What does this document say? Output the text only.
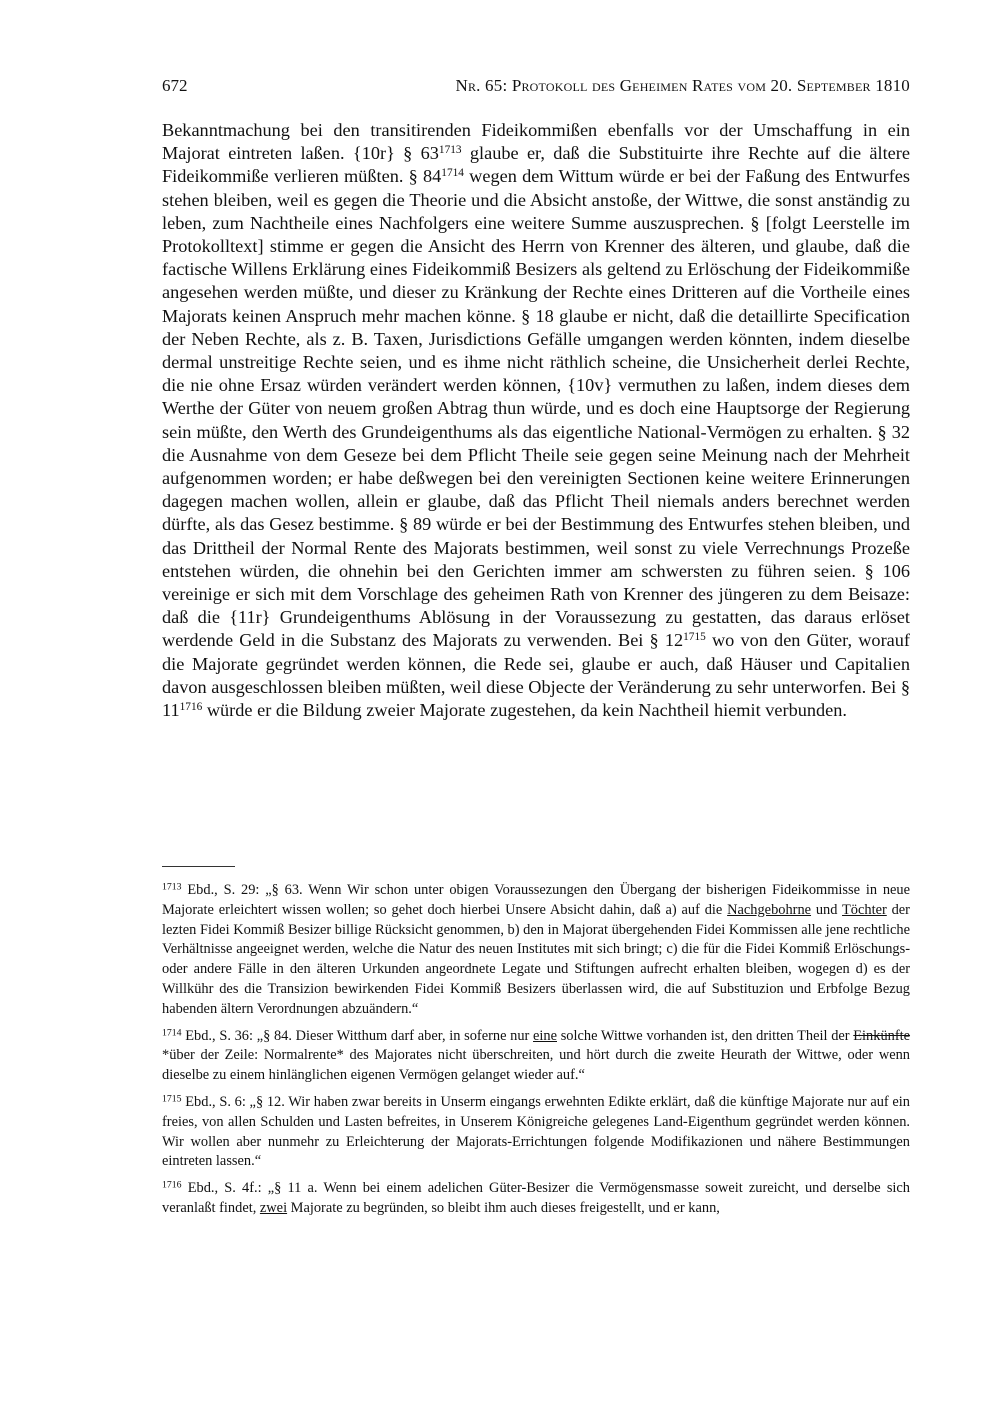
672	Nr. 65: Protokoll des Geheimen Rates vom 20. September 1810

Bekanntmachung bei den transitirenden Fideikommißen ebenfalls vor der Umschaffung in ein Majorat eintreten laßen. {10r} § $63^{1713}$ glaube er, daß die Substituirte ihre Rechte auf die ältere Fideikommiße verlieren müßten. § $84^{1714}$ wegen dem Wittum würde er bei der Faßung des Entwurfes stehen bleiben, weil es gegen die Theorie und die Absicht anstoße, der Wittwe, die sonst anständig zu leben, zum Nachtheile eines Nachfolgers eine weitere Summe auszusprechen. § [folgt Leerstelle im Protokolltext] stimme er gegen die Ansicht des Herrn von Krenner des älteren, und glaube, daß die factische Willens Erklärung eines Fideikommiß Besizers als geltend zu Erlöschung der Fideikommiße angesehen werden müßte, und dieser zu Kränkung der Rechte eines Dritteren auf die Vortheile eines Majorats keinen Anspruch mehr machen könne. § 18 glaube er nicht, daß die detaillirte Specification der Neben Rechte, als z. B. Taxen, Jurisdictions Gefälle umgangen werden könnten, indem dieselbe dermal unstreitige Rechte seien, und es ihme nicht räthlich scheine, die Unsicherheit derlei Rechte, die nie ohne Ersaz würden verändert werden können, {10v} vermuthen zu laßen, indem dieses dem Werthe der Güter von neuem großen Abtrag thun würde, und es doch eine Hauptsorge der Regierung sein müßte, den Werth des Grundeigenthums als das eigentliche National-Vermögen zu erhalten. § 32 die Ausnahme von dem Geseze bei dem Pflicht Theile seie gegen seine Meinung nach der Mehrheit aufgenommen worden; er habe deßwegen bei den vereinigten Sectionen keine weitere Erinnerungen dagegen machen wollen, allein er glaube, daß das Pflicht Theil niemals anders berechnet werden dürfte, als das Gesez bestimme. § 89 würde er bei der Bestimmung des Entwurfes stehen bleiben, und das Drittheil der Normal Rente des Majorats bestimmen, weil sonst zu viele Verrechnungs Prozeße entstehen würden, die ohnehin bei den Gerichten immer am schwersten zu führen seien. § 106 vereinige er sich mit dem Vorschlage des geheimen Rath von Krenner des jüngeren zu dem Beisaze: daß die {11r} Grundeigenthums Ablösung in der Voraussezung zu gestatten, das daraus erlöset werdende Geld in die Substanz des Majorats zu verwenden. Bei § $12^{1715}$ wo von den Güter, worauf die Majorate gegründet werden können, die Rede sei, glaube er auch, daß Häuser und Capitalien davon ausgeschlossen bleiben müßten, weil diese Objecte der Veränderung zu sehr unterworfen. Bei § $11^{1716}$ würde er die Bildung zweier Majorate zugestehen, da kein Nachtheil hiemit verbunden.

$^{1713}$ Ebd., S. 29: „§ 63. Wenn Wir schon unter obigen Voraussezungen den Übergang der bisherigen Fideikommisse in neue Majorate erleichtert wissen wollen; so gehet doch hierbei Unsere Absicht dahin, daß a) auf die Nachgebohrne und Töchter der lezten Fidei Kommiß Besizer billige Rücksicht genommen, b) den in Majorat übergehenden Fidei Kommissen alle jene rechtliche Verhältnisse angeeignet werden, welche die Natur des neuen Institutes mit sich bringt; c) die für die Fidei Kommiß Erlöschungs- oder andere Fälle in den älteren Urkunden angeordnete Legate und Stiftungen aufrecht erhalten bleiben, wogegen d) es der Willkühr des die Transizion bewirkenden Fidei Kommiß Besizers überlassen wird, die auf Substituzion und Erbfolge Bezug habenden ältern Verordnungen abzuändern.“

$^{1714}$ Ebd., S. 36: „§ 84. Dieser Witthum darf aber, in soferne nur eine solche Wittwe vorhanden ist, den dritten Theil der Einkünfte *über der Zeile: Normalrente* des Majorates nicht überschreiten, und hört durch die zweite Heurath der Wittwe, oder wenn dieselbe zu einem hinlänglichen eigenen Vermögen gelanget wieder auf.“

$^{1715}$ Ebd., S. 6: „§ 12. Wir haben zwar bereits in Unserm eingangs erwehnten Edikte erklärt, daß die künftige Majorate nur auf ein freies, von allen Schulden und Lasten befreites, in Unserem Königreiche gelegenes Land-Eigenthum gegründet werden können. Wir wollen aber nunmehr zu Erleichterung der Majorats-Errichtungen folgende Modifikazionen und nähere Bestimmungen eintreten lassen.“

$^{1716}$ Ebd., S. 4f.: „§ 11 a. Wenn bei einem adelichen Güter-Besizer die Vermögensmasse soweit zureicht, und derselbe sich veranlaßt findet, zwei Majorate zu begründen, so bleibt ihm auch dieses freigestellt, und er kann,
